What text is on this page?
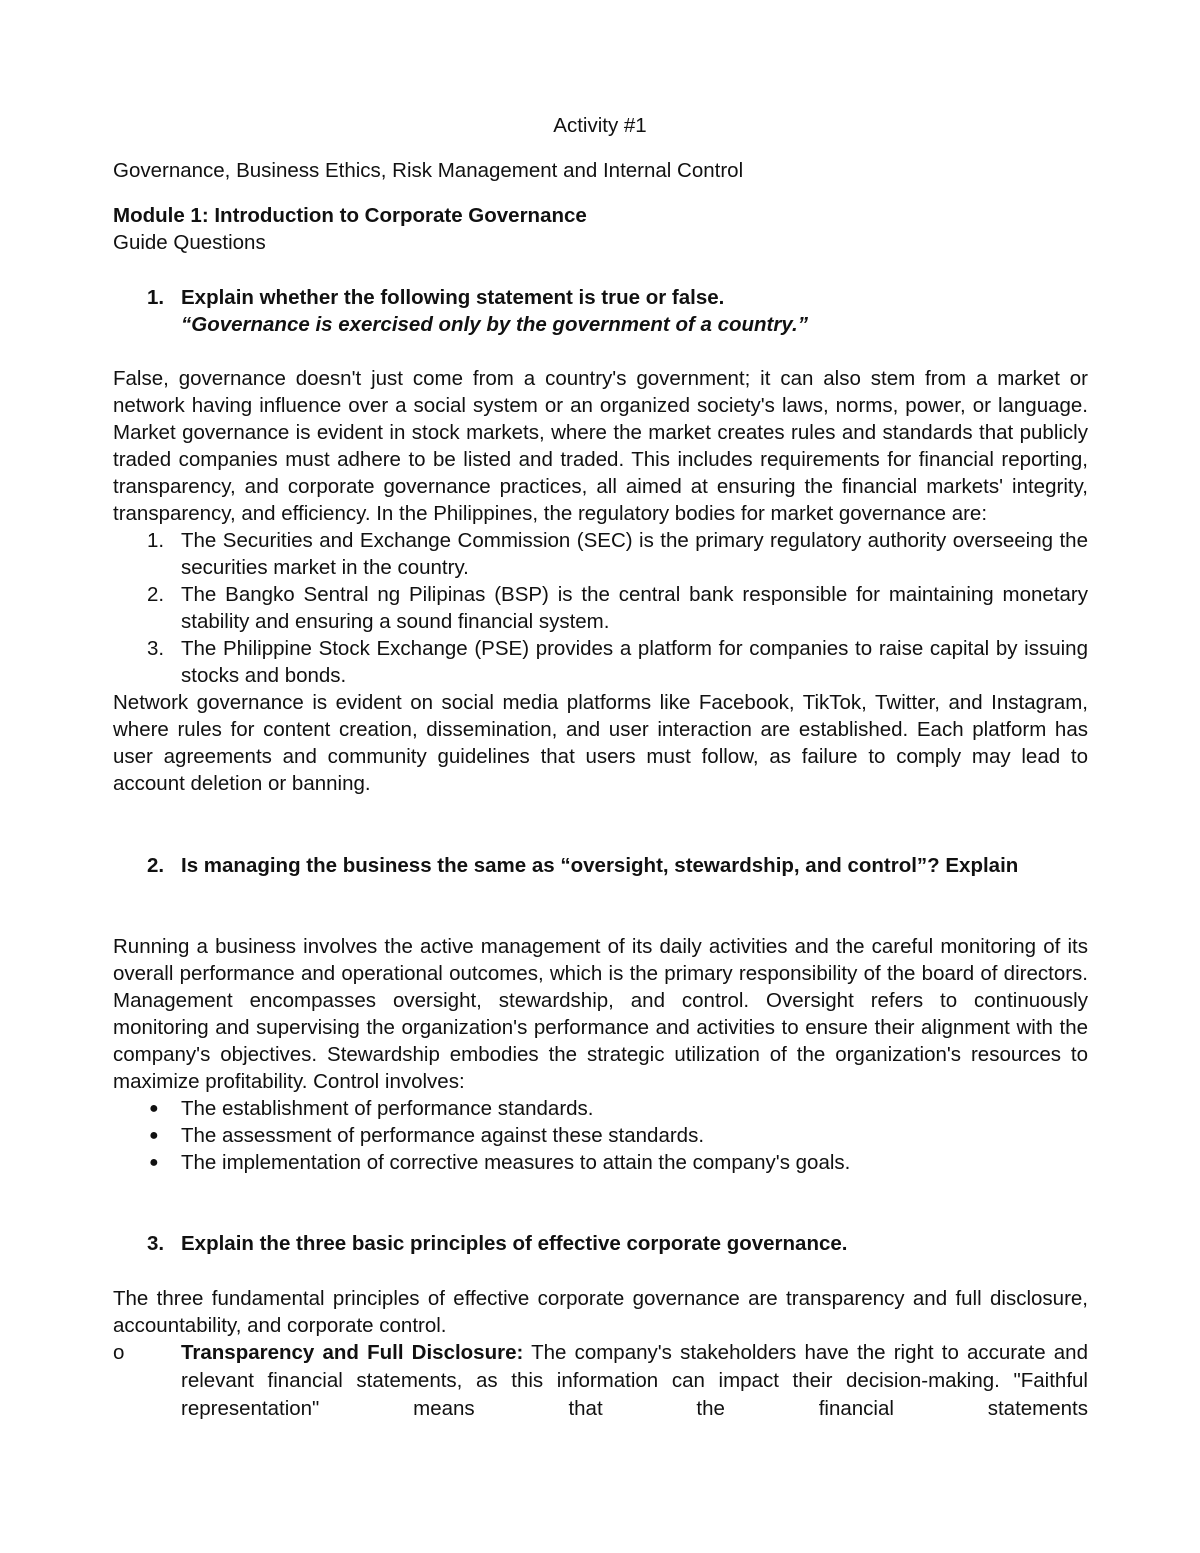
Activity #1
Governance, Business Ethics, Risk Management and Internal Control
Module 1: Introduction to Corporate Governance
Guide Questions
1. Explain whether the following statement is true or false.
“Governance is exercised only by the government of a country.”
False, governance doesn't just come from a country's government; it can also stem from a market or network having influence over a social system or an organized society's laws, norms, power, or language. Market governance is evident in stock markets, where the market creates rules and standards that publicly traded companies must adhere to be listed and traded. This includes requirements for financial reporting, transparency, and corporate governance practices, all aimed at ensuring the financial markets' integrity, transparency, and efficiency. In the Philippines, the regulatory bodies for market governance are:
1. The Securities and Exchange Commission (SEC) is the primary regulatory authority overseeing the securities market in the country.
2. The Bangko Sentral ng Pilipinas (BSP) is the central bank responsible for maintaining monetary stability and ensuring a sound financial system.
3. The Philippine Stock Exchange (PSE) provides a platform for companies to raise capital by issuing stocks and bonds.
Network governance is evident on social media platforms like Facebook, TikTok, Twitter, and Instagram, where rules for content creation, dissemination, and user interaction are established. Each platform has user agreements and community guidelines that users must follow, as failure to comply may lead to account deletion or banning.
2. Is managing the business the same as “oversight, stewardship, and control”? Explain
Running a business involves the active management of its daily activities and the careful monitoring of its overall performance and operational outcomes, which is the primary responsibility of the board of directors. Management encompasses oversight, stewardship, and control. Oversight refers to continuously monitoring and supervising the organization's performance and activities to ensure their alignment with the company's objectives. Stewardship embodies the strategic utilization of the organization's resources to maximize profitability. Control involves:
● The establishment of performance standards.
● The assessment of performance against these standards.
● The implementation of corrective measures to attain the company's goals.
3. Explain the three basic principles of effective corporate governance.
The three fundamental principles of effective corporate governance are transparency and full disclosure, accountability, and corporate control.
o	Transparency and Full Disclosure: The company's stakeholders have the right to accurate and relevant financial statements, as this information can impact their decision-making. "Faithful representation" means that the financial statements
